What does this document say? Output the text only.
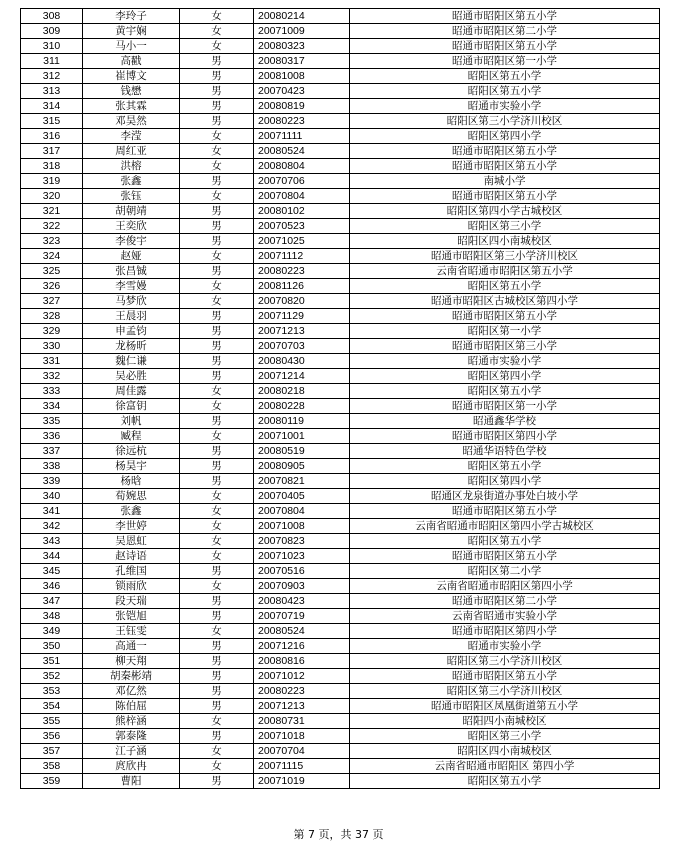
308	李玲子	女	20080214	昭通市昭阳区第五小学
309	黄宇娴	女	20071009	昭通市昭阳区第二小学
310	马小一	女	20080323	昭通市昭阳区第五小学
311	高戳	男	20080317	昭通市昭阳区第一小学
312	崔博文	男	20081008	昭阳区第五小学
313	钱懋	男	20070423	昭阳区第五小学
314	张其霖	男	20080819	昭通市实验小学
315	邓昊然	男	20080223	昭阳区第三小学济川校区
316	李滢	女	20071111	昭阳区第四小学
317	周红亚	女	20080524	昭通市昭阳区第五小学
318	洪榕	女	20080804	昭通市昭阳区第五小学
319	张鑫	男	20070706	南城小学
320	张钰	女	20070804	昭通市昭阳区第五小学
321	胡朝靖	男	20080102	昭阳区第四小学古城校区
322	王奕欣	男	20070523	昭阳区第三小学
323	李俊宇	男	20071025	昭阳区四小南城校区
324	赵娅	女	20071112	昭通市昭阳区第三小学济川校区
325	张昌铖	男	20080223	云南省昭通市昭阳区第五小学
326	李雪嫚	女	20081126	昭阳区第五小学
327	马梦欣	女	20070820	昭通市昭阳区古城校区第四小学
328	王晨羽	男	20071129	昭通市昭阳区第五小学
329	申孟钧	男	20071213	昭阳区第一小学
330	龙杨昕	男	20070703	昭通市昭阳区第三小学
331	魏仁谦	男	20080430	昭通市实验小学
332	吴必胜	男	20071214	昭阳区第四小学
333	周佳露	女	20080218	昭阳区第五小学
334	徐富钥	女	20080228	昭通市昭阳区第一小学
335	刘帆	男	20080119	昭通鑫华学校
336	臧程	女	20071001	昭通市昭阳区第四小学
337	徐远杭	男	20080519	昭通华语特色学校
338	杨昊宇	男	20080905	昭阳区第五小学
339	杨晗	男	20070821	昭阳区第四小学
340	荀婉思	女	20070405	昭通区龙泉街道办事处白坡小学
341	张鑫	女	20070804	昭通市昭阳区第五小学
342	李世婷	女	20071008	云南省昭通市昭阳区第四小学古城校区
343	吴恩虹	女	20070823	昭阳区第五小学
344	赵诗语	女	20071023	昭通市昭阳区第五小学
345	孔维国	男	20070516	昭阳区第二小学
346	锁雨欣	女	20070903	云南省昭通市昭阳区第四小学
347	段天瑞	男	20080423	昭通市昭阳区第二小学
348	张铠旭	男	20070719	云南省昭通市实验小学
349	王钰雯	女	20080524	昭通市昭阳区第四小学
350	高通一	男	20071216	昭通市实验小学
351	柳天翔	男	20080816	昭阳区第三小学济川校区
352	胡秦彬靖	男	20071012	昭通市昭阳区第五小学
353	邓亿然	男	20080223	昭阳区第三小学济川校区
354	陈伯屈	男	20071213	昭通市昭阳区凤凰街道第五小学
355	熊梓涵	女	20080731	昭阳四小南城校区
356	郭泰隆	男	20071018	昭阳区第三小学
357	江子涵	女	20070704	昭阳区四小南城校区
358	庹欣冉	女	20071115	云南省昭通市昭阳区 第四小学
359	曹阳	男	20071019	昭阳区第五小学
第 7 页，共 37 页
